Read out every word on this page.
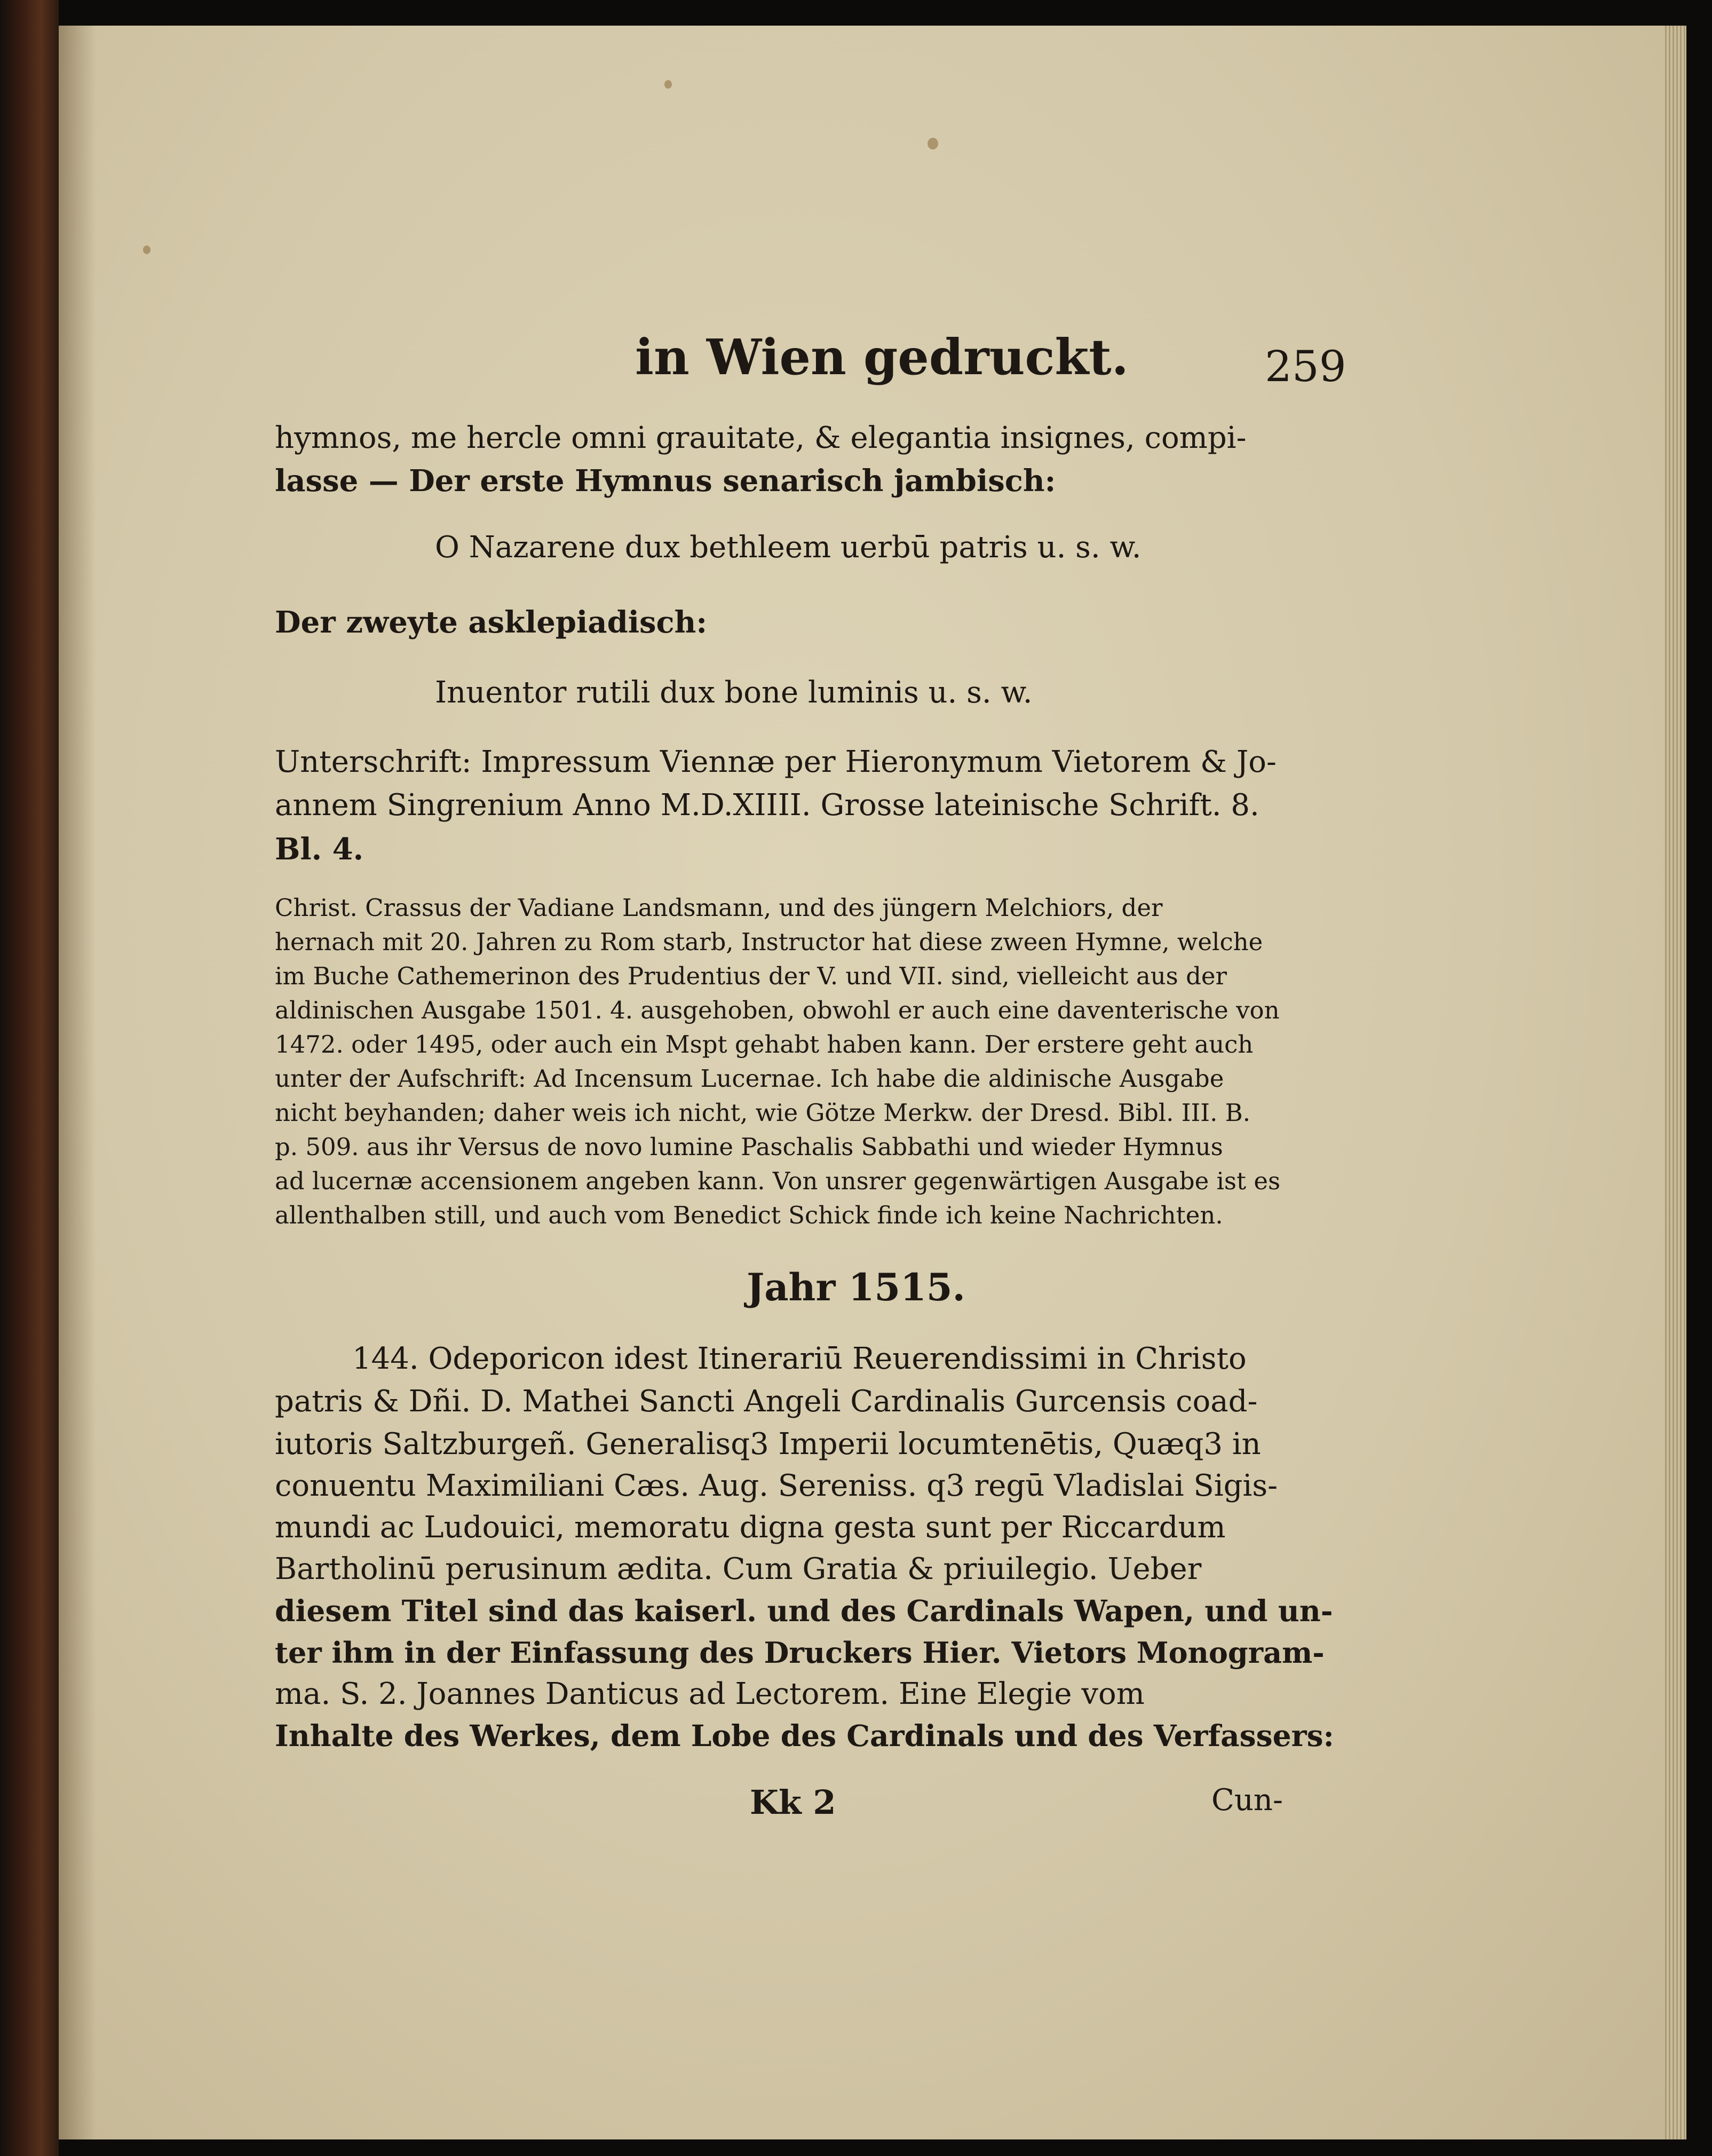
in Wien gedruckt.	259

hymnos, me hercle omni grauitate, & elegantia insignes, compi-

lasse — Der erste Hymnus senarisch jambisch:

O Nazarene dux bethleem uerbū patris u. s. w.

Der zweyte asklepiadisch:

Inuentor rutili dux bone luminis u. s. w.

Unterschrift: Impressum Viennæ per Hieronymum Vietorem & Jo-

annem Singrenium Anno M.D.XIIII. Grosse lateinische Schrift. 8.

Bl. 4.

Christ. Crassus der Vadiane Landsmann, und des jüngern Melchiors, der

hernach mit 20. Jahren zu Rom starb, Instructor hat diese zween Hymne, welche

im Buche Cathemerinon des Prudentius der V. und VII. sind, vielleicht aus der

aldinischen Ausgabe 1501. 4. ausgehoben, obwohl er auch eine daventerische von

1472. oder 1495, oder auch ein Mspt gehabt haben kann. Der erstere geht auch

unter der Aufschrift: Ad Incensum Lucernae. Ich habe die aldinische Ausgabe

nicht beyhanden; daher weis ich nicht, wie Götze Merkw. der Dresd. Bibl. III. B.

p. 509. aus ihr Versus de novo lumine Paschalis Sabbathi und wieder Hymnus

ad lucernæ accensionem angeben kann. Von unsrer gegenwärtigen Ausgabe ist es

allenthalben still, und auch vom Benedict Schick finde ich keine Nachrichten.

Jahr 1515.

144. Odeporicon idest Itinerariū Reuerendissimi in Christo

patris & Dñi. D. Mathei Sancti Angeli Cardinalis Gurcensis coad-

iutoris Saltzburgeñ. Generalisq3 Imperii locumtenētis, Quæq3 in

conuentu Maximiliani Cæs. Aug. Sereniss. q3 regū Vladislai Sigis-

mundi ac Ludouici, memoratu digna gesta sunt per Riccardum

Bartholinū perusinum ædita. Cum Gratia & priuilegio. Ueber

diesem Titel sind das kaiserl. und des Cardinals Wapen, und un-

ter ihm in der Einfassung des Druckers Hier. Vietors Monogram-

ma. S. 2. Joannes Danticus ad Lectorem. Eine Elegie vom

Inhalte des Werkes, dem Lobe des Cardinals und des Verfassers:

Kk 2	Cun-
